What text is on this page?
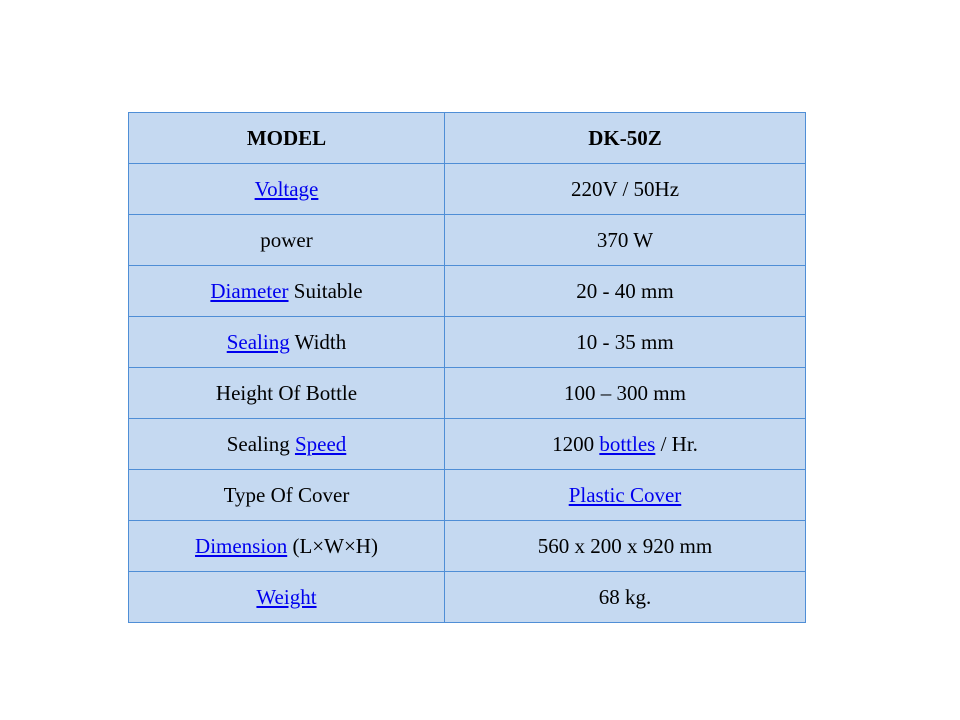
MODEL	DK-50Z
Voltage	220V / 50Hz
power	370 W
Diameter Suitable	20 - 40 mm
Sealing Width	10 - 35 mm
Height Of Bottle	100 – 300 mm
Sealing Speed	1200 bottles / Hr.
Type Of Cover	Plastic Cover
Dimension (L×W×H)	560 x 200 x 920 mm
Weight	68 kg.
